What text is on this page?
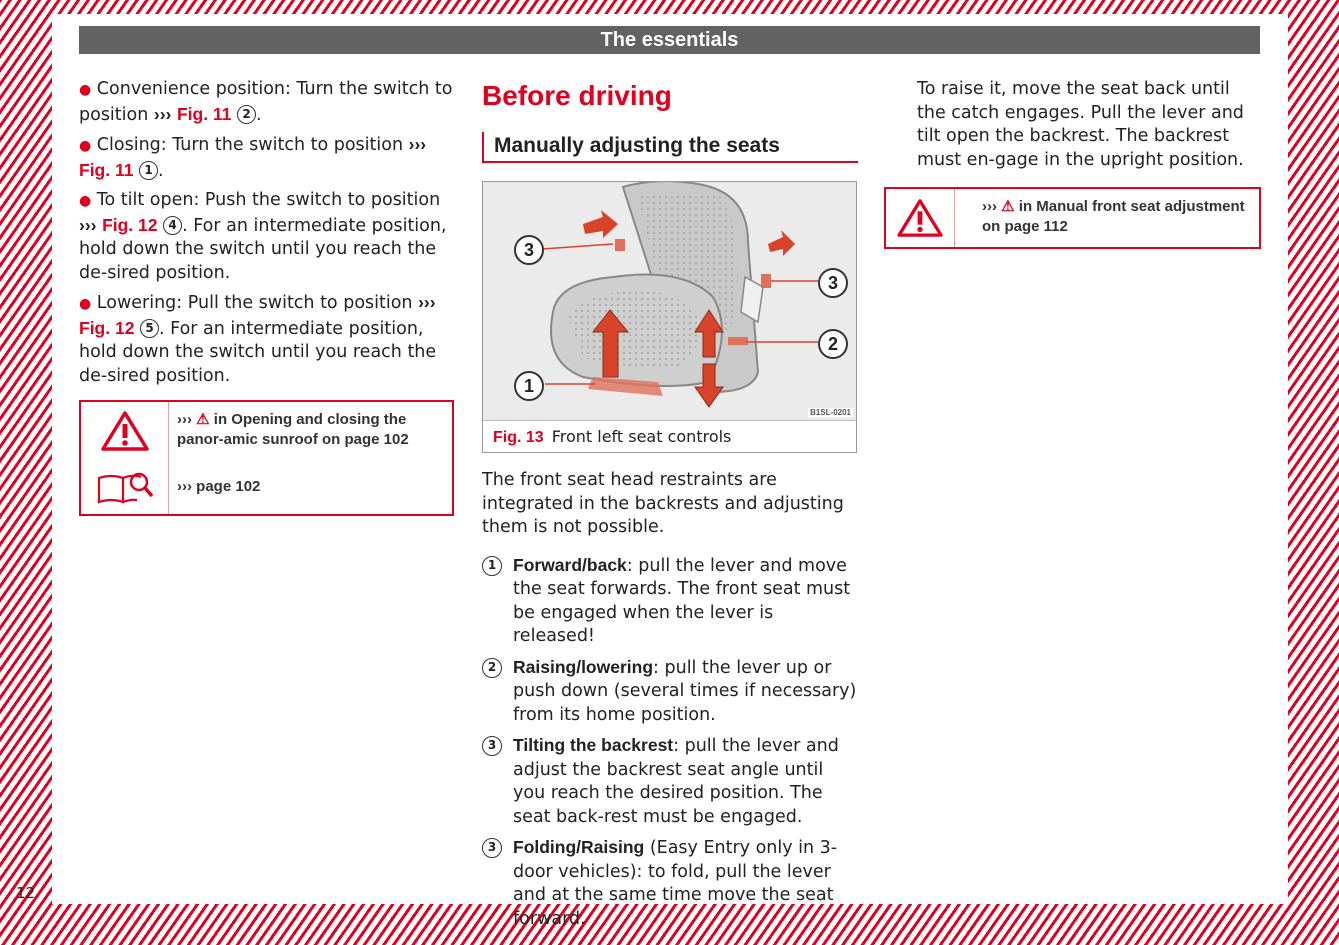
The essentials
● Convenience position: Turn the switch to position ››› Fig. 11 2 .
● Closing: Turn the switch to position ››› Fig. 11 1 .
● To tilt open: Push the switch to position ››› Fig. 12 4 . For an intermediate position, hold down the switch until you reach the de-sired position.
● Lowering: Pull the switch to position ››› Fig. 12 5 . For an intermediate position, hold down the switch until you reach the de-sired position.
››› ⚠ in Opening and closing the panor-amic sunroof on page 102
›››
page 102
Before driving
Manually adjusting the seats
3
3
2
1
B1SL-0201
Fig. 13 Front left seat controls

The front seat head restraints are integrated in the backrests and adjusting them is not possible.

1 Forward/back: pull the lever and move the seat forwards. The front seat must be engaged when the lever is released!
2 Raising/lowering: pull the lever up or push down (several times if necessary) from its home position.
3 Tilting the backrest: pull the lever and adjust the backrest seat angle until you reach the desired position. The seat back-rest must be engaged.
3 Folding/Raising (Easy Entry only in 3-door vehicles): to fold, pull the lever and at the same time move the seat forward.

To raise it, move the seat back until the catch engages. Pull the lever and tilt open the backrest. The backrest must en-gage in the upright position.

››› ⚠ in Manual front seat adjustment on page 112
12
